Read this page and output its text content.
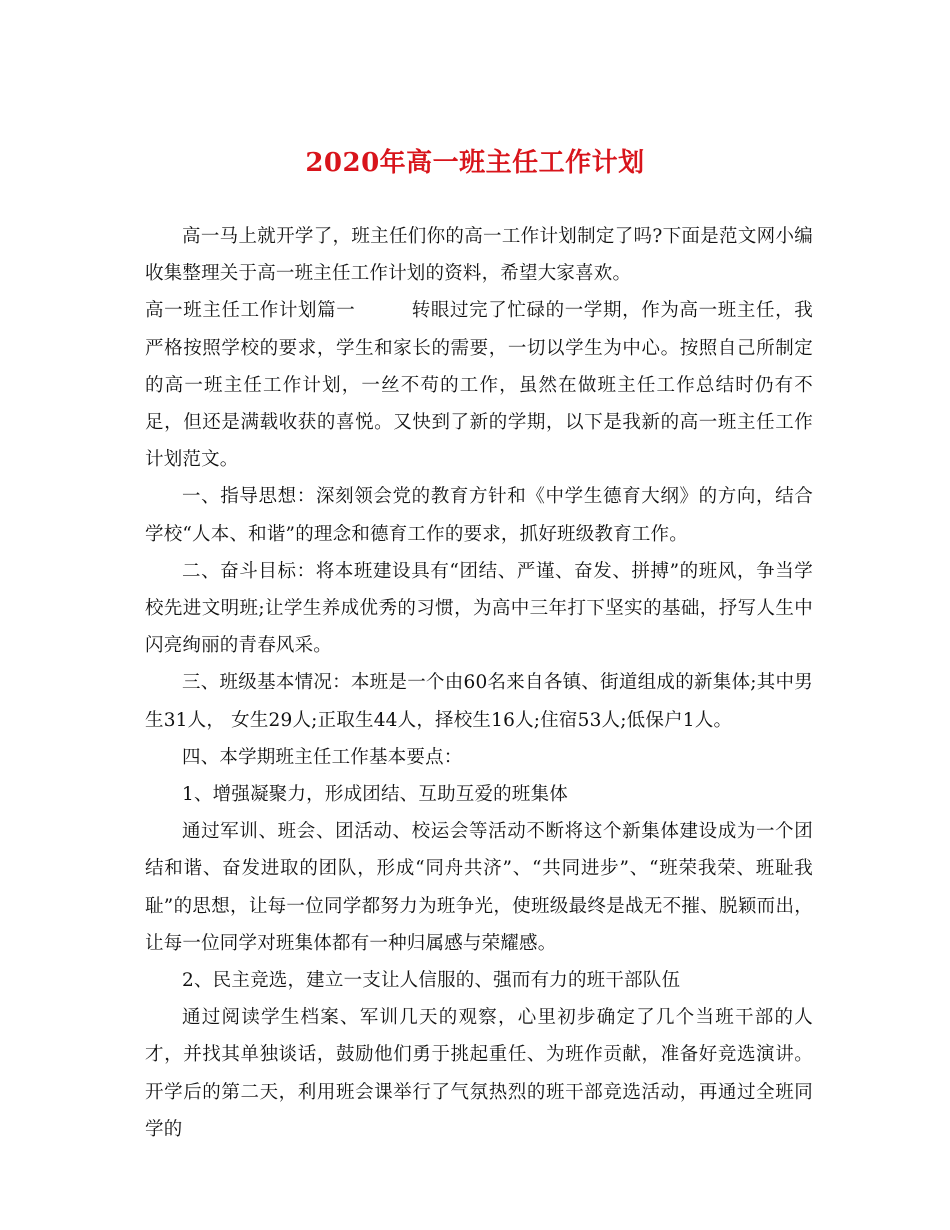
2020年高一班主任工作计划

高一马上就开学了，班主任们你的高一工作计划制定了吗?下面是范文网小编收集整理关于高一班主任工作计划的资料，希望大家喜欢。

高一班主任工作计划篇一	转眼过完了忙碌的一学期，作为高一班主任，我严格按照学校的要求，学生和家长的需要，一切以学生为中心。按照自己所制定的高一班主任工作计划，一丝不苟的工作，虽然在做班主任工作总结时仍有不足，但还是满载收获的喜悦。又快到了新的学期，以下是我新的高一班主任工作计划范文。

一、指导思想：深刻领会党的教育方针和《中学生德育大纲》的方向，结合学校“人本、和谐”的理念和德育工作的要求，抓好班级教育工作。

二、奋斗目标：将本班建设具有“团结、严谨、奋发、拼搏”的班风，争当学校先进文明班;让学生养成优秀的习惯，为高中三年打下坚实的基础，抒写人生中闪亮绚丽的青春风采。

三、班级基本情况：本班是一个由60名来自各镇、街道组成的新集体;其中男生31人， 女生29人;正取生44人，择校生16人;住宿53人;低保户1人。

四、本学期班主任工作基本要点：

1、增强凝聚力，形成团结、互助互爱的班集体

通过军训、班会、团活动、校运会等活动不断将这个新集体建设成为一个团结和谐、奋发进取的团队，形成“同舟共济”、“共同进步”、“班荣我荣、班耻我耻”的思想，让每一位同学都努力为班争光，使班级最终是战无不摧、脱颖而出，让每一位同学对班集体都有一种归属感与荣耀感。

2、民主竞选，建立一支让人信服的、强而有力的班干部队伍

通过阅读学生档案、军训几天的观察，心里初步确定了几个当班干部的人才，并找其单独谈话，鼓励他们勇于挑起重任、为班作贡献，准备好竞选演讲。开学后的第二天，利用班会课举行了气氛热烈的班干部竞选活动，再通过全班同学的
